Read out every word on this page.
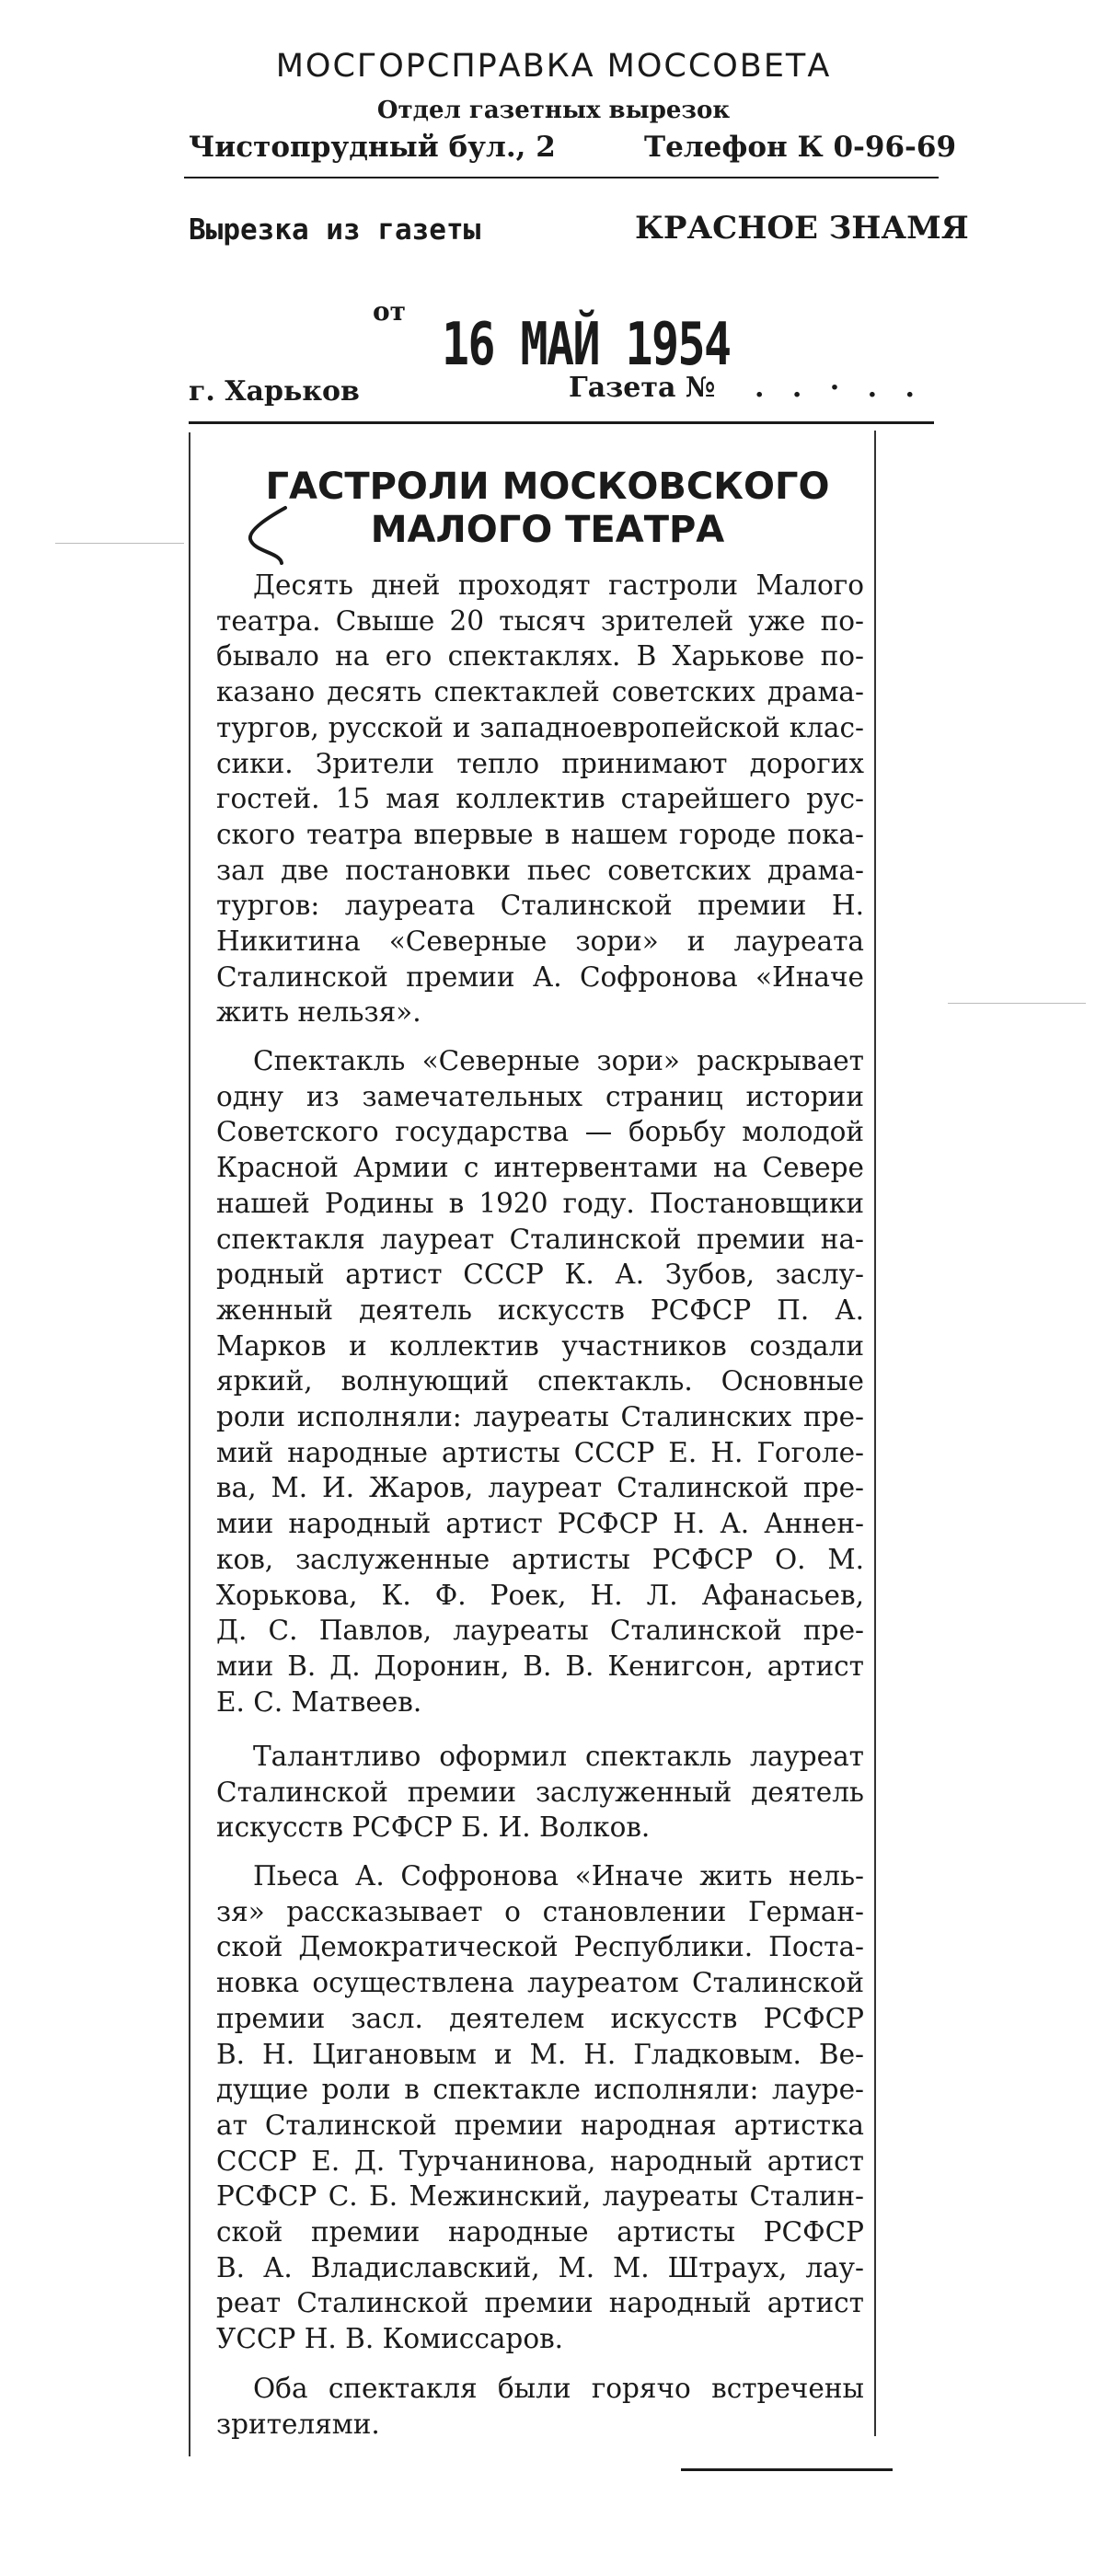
МОСГОРСПРАВКА МОССОВЕТА
Отдел газетных вырезок
Чистопрудный бул., 2	Телефон К 0-96-69
Вырезка из газеты	КРАСНОЕ ЗНАМЯ
от 16 МАЙ 1954
г. Харьков	Газета № . . · . .
ГАСТРОЛИ МОСКОВСКОГО
МАЛОГО ТЕАТРА
Десять дней проходят гастроли Малого
театра. Свыше 20 тысяч зрителей уже по-
бывало на его спектаклях. В Харькове по-
казано десять спектаклей советских драма-
тургов, русской и западноевропейской клас-
сики. Зрители тепло принимают дорогих
гостей. 15 мая коллектив старейшего рус-
ского театра впервые в нашем городе пока-
зал две постановки пьес советских драма-
тургов: лауреата Сталинской премии Н.
Никитина «Северные зори» и лауреата
Сталинской премии А. Софронова «Иначе
жить нельзя».
Спектакль «Северные зори» раскрывает
одну из замечательных страниц истории
Советского государства — борьбу молодой
Красной Армии с интервентами на Севере
нашей Родины в 1920 году. Постановщики
спектакля лауреат Сталинской премии на-
родный артист СССР К. А. Зубов, заслу-
женный деятель искусств РСФСР П. А.
Марков и коллектив участников создали
яркий, волнующий спектакль. Основные
роли исполняли: лауреаты Сталинских пре-
мий народные артисты СССР Е. Н. Гоголе-
ва, М. И. Жаров, лауреат Сталинской пре-
мии народный артист РСФСР Н. А. Аннен-
ков, заслуженные артисты РСФСР О. М.
Хорькова, К. Ф. Роек, Н. Л. Афанасьев,
Д. С. Павлов, лауреаты Сталинской пре-
мии В. Д. Доронин, В. В. Кенигсон, артист
Е. С. Матвеев.
Талантливо оформил спектакль лауреат
Сталинской премии заслуженный деятель
искусств РСФСР Б. И. Волков.
Пьеса А. Софронова «Иначе жить нель-
зя» рассказывает о становлении Герман-
ской Демократической Республики. Поста-
новка осуществлена лауреатом Сталинской
премии засл. деятелем искусств РСФСР
В. Н. Цигановым и М. Н. Гладковым. Ве-
дущие роли в спектакле исполняли: лауре-
ат Сталинской премии народная артистка
СССР Е. Д. Турчанинова, народный артист
РСФСР С. Б. Межинский, лауреаты Сталин-
ской премии народные артисты РСФСР
В. А. Владиславский, М. М. Штраух, лау-
реат Сталинской премии народный артист
УССР Н. В. Комиссаров.
Оба спектакля были горячо встречены
зрителями.
